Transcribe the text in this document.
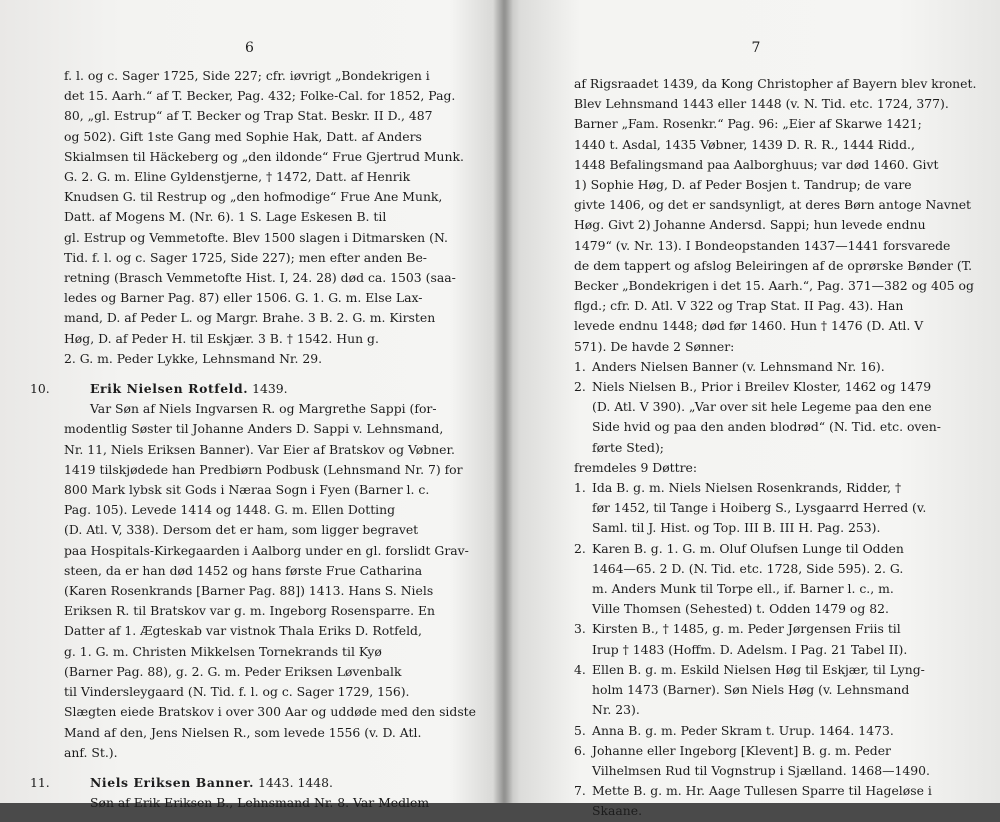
6
f. l. og c. Sager 1725, Side 227; cfr. iøvrigt „Bondekrigen i
det 15. Aarh.“ af T. Becker, Pag. 432; Folke-Cal. for 1852, Pag.
80, „gl. Estrup“ af T. Becker og Trap Stat. Beskr. II D., 487
og 502). Gift 1ste Gang med Sophie Hak, Datt. af Anders
Skialmsen til Häckeberg og „den ildonde“ Frue Gjertrud Munk.
G. 2. G. m. Eline Gyldenstjerne, † 1472, Datt. af Henrik
Knudsen G. til Restrup og „den hofmodige“ Frue Ane Munk,
Datt. af Mogens M. (Nr. 6). 1 S. Lage Eskesen B. til
gl. Estrup og Vemmetofte. Blev 1500 slagen i Ditmarsken (N.
Tid. f. l. og c. Sager 1725, Side 227); men efter anden Be-
retning (Brasch Vemmetofte Hist. I, 24. 28) død ca. 1503 (saa-
ledes og Barner Pag. 87) eller 1506. G. 1. G. m. Else Lax-
mand, D. af Peder L. og Margr. Brahe. 3 B. 2. G. m. Kirsten
Høg, D. af Peder H. til Eskjær. 3 B. † 1542. Hun g.
2. G. m. Peder Lykke, Lehnsmand Nr. 29.
10.	Erik Nielsen Rotfeld. 1439.
Var Søn af Niels Ingvarsen R. og Margrethe Sappi (for-
modentlig Søster til Johanne Anders D. Sappi v. Lehnsmand,
Nr. 11, Niels Eriksen Banner). Var Eier af Bratskov og Vøbner.
1419 tilskjødede han Predbiørn Podbusk (Lehnsmand Nr. 7) for
800 Mark lybsk sit Gods i Næraa Sogn i Fyen (Barner l. c.
Pag. 105). Levede 1414 og 1448. G. m. Ellen Dotting
(D. Atl. V, 338). Dersom det er ham, som ligger begravet
paa Hospitals-Kirkegaarden i Aalborg under en gl. forslidt Grav-
steen, da er han død 1452 og hans første Frue Catharina
(Karen Rosenkrands [Barner Pag. 88]) 1413. Hans S. Niels
Eriksen R. til Bratskov var g. m. Ingeborg Rosensparre. En
Datter af 1. Ægteskab var vistnok Thala Eriks D. Rotfeld,
g. 1. G. m. Christen Mikkelsen Tornekrands til Kyø
(Barner Pag. 88), g. 2. G. m. Peder Eriksen Løvenbalk
til Vindersleygaard (N. Tid. f. l. og c. Sager 1729, 156).
Slægten eiede Bratskov i over 300 Aar og uddøde med den sidste
Mand af den, Jens Nielsen R., som levede 1556 (v. D. Atl.
anf. St.).
11.	Niels Eriksen Banner. 1443. 1448.
Søn af Erik Eriksen B., Lehnsmand Nr. 8. Var Medlem
7
af Rigsraadet 1439, da Kong Christopher af Bayern blev kronet.
Blev Lehnsmand 1443 eller 1448 (v. N. Tid. etc. 1724, 377).
Barner „Fam. Rosenkr.“ Pag. 96: „Eier af Skarwe 1421;
1440 t. Asdal, 1435 Vøbner, 1439 D. R. R., 1444 Ridd.,
1448 Befalingsmand paa Aalborghuus; var død 1460. Givt
1) Sophie Høg, D. af Peder Bosjen t. Tandrup; de vare
givte 1406, og det er sandsynligt, at deres Børn antoge Navnet
Høg. Givt 2) Johanne Andersd. Sappi; hun levede endnu
1479“ (v. Nr. 13). I Bondeopstanden 1437—1441 forsvarede
de dem tappert og afslog Beleiringen af de oprørske Bønder (T.
Becker „Bondekrigen i det 15. Aarh.“, Pag. 371—382 og 405 og
flgd.; cfr. D. Atl. V 322 og Trap Stat. II Pag. 43). Han
levede endnu 1448; død før 1460. Hun † 1476 (D. Atl. V
571). De havde 2 Sønner:
1. Anders Nielsen Banner (v. Lehnsmand Nr. 16).
2. Niels Nielsen B., Prior i Breilev Kloster, 1462 og 1479
(D. Atl. V 390). „Var over sit hele Legeme paa den ene
Side hvid og paa den anden blodrød“ (N. Tid. etc. oven-
førte Sted);
fremdeles 9 Døttre:
1. Ida B. g. m. Niels Nielsen Rosenkrands, Ridder, †
før 1452, til Tange i Hoiberg S., Lysgaarrd Herred (v.
Saml. til J. Hist. og Top. III B. III H. Pag. 253).
2. Karen B. g. 1. G. m. Oluf Olufsen Lunge til Odden
1464—65. 2 D. (N. Tid. etc. 1728, Side 595). 2. G.
m. Anders Munk til Torpe ell., if. Barner l. c., m.
Ville Thomsen (Sehested) t. Odden 1479 og 82.
3. Kirsten B., † 1485, g. m. Peder Jørgensen Friis til
Irup † 1483 (Hoffm. D. Adelsm. I Pag. 21 Tabel II).
4. Ellen B. g. m. Eskild Nielsen Høg til Eskjær, til Lyng-
holm 1473 (Barner). Søn Niels Høg (v. Lehnsmand
Nr. 23).
5. Anna B. g. m. Peder Skram t. Urup. 1464. 1473.
6. Johanne eller Ingeborg [Klevent] B. g. m. Peder
Vilhelmsen Rud til Vognstrup i Sjælland. 1468—1490.
7. Mette B. g. m. Hr. Aage Tullesen Sparre til Hageløse i
Skaane.
